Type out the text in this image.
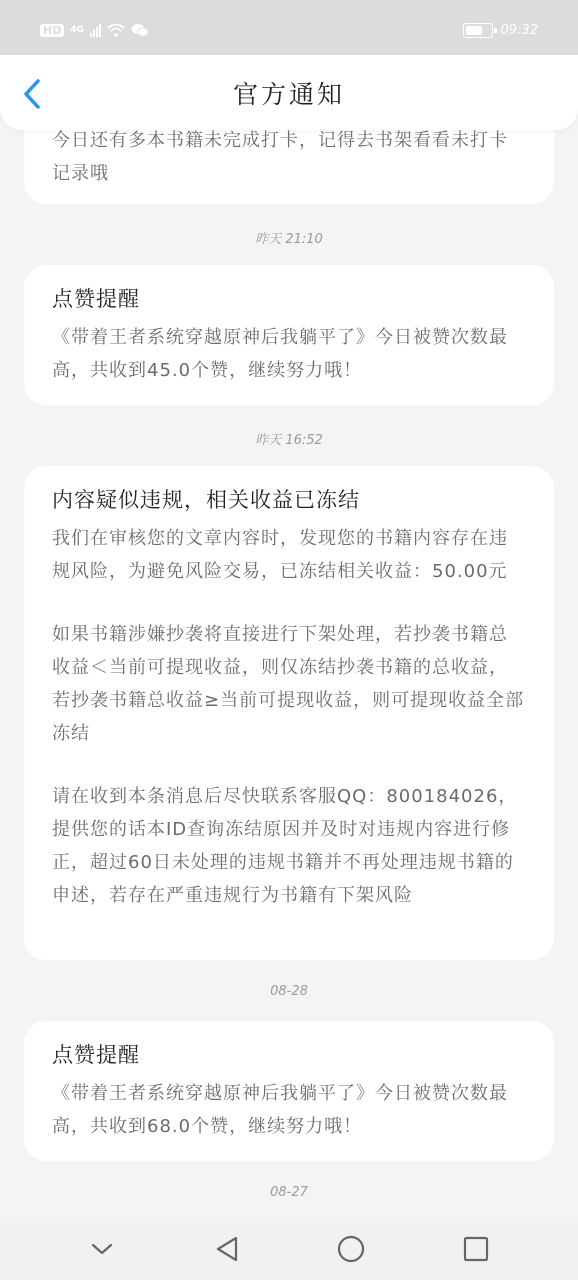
HD	4G	09:32

今日还有多本书籍未完成打卡，记得去书架看看未打卡记录哦

昨天 21:10
点赞提醒

《带着王者系统穿越原神后我躺平了》今日被赞次数最高，共收到45.0个赞，继续努力哦！

昨天 16:52
内容疑似违规，相关收益已冻结

我们在审核您的文章内容时，发现您的书籍内容存在违规风险，为避免风险交易，已冻结相关收益：50.00元

如果书籍涉嫌抄袭将直接进行下架处理，若抄袭书籍总收益＜当前可提现收益，则仅冻结抄袭书籍的总收益，若抄袭书籍总收益≥当前可提现收益，则可提现收益全部冻结

请在收到本条消息后尽快联系客服QQ：800184026，提供您的话本ID查询冻结原因并及时对违规内容进行修正，超过60日未处理的违规书籍并不再处理违规书籍的申述，若存在严重违规行为书籍有下架风险

08-28
点赞提醒

《带着王者系统穿越原神后我躺平了》今日被赞次数最高，共收到68.0个赞，继续努力哦！

08-27
官方通知
